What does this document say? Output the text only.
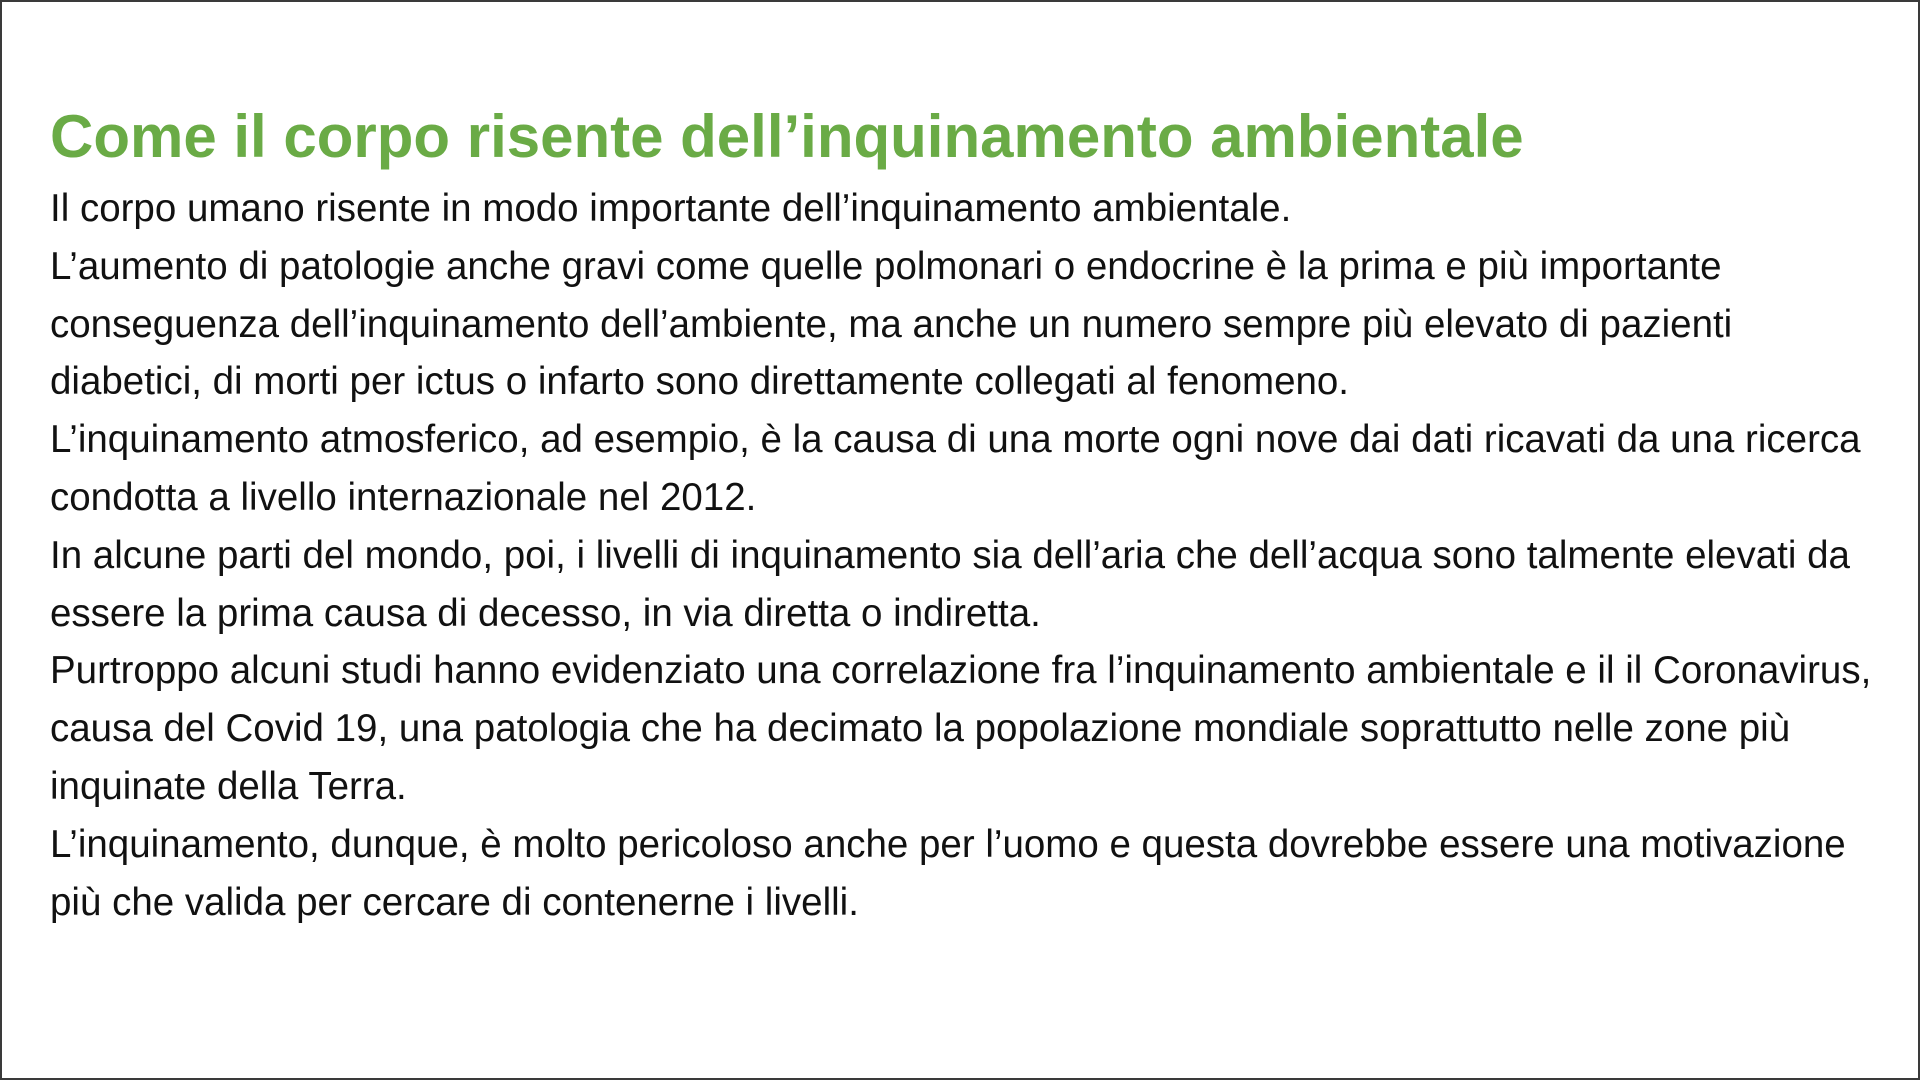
Come il corpo risente dell’inquinamento ambientale

Il corpo umano risente in modo importante dell’inquinamento ambientale.

L’aumento di patologie anche gravi come quelle polmonari o endocrine è la prima e più importante conseguenza dell’inquinamento dell’ambiente, ma anche un numero sempre più elevato di pazienti diabetici, di morti per ictus o infarto sono direttamente collegati al fenomeno.

L’inquinamento atmosferico, ad esempio, è la causa di una morte ogni nove dai dati ricavati da una ricerca condotta a livello internazionale nel 2012.

In alcune parti del mondo, poi, i livelli di inquinamento sia dell’aria che dell’acqua sono talmente elevati da essere la prima causa di decesso, in via diretta o indiretta.

Purtroppo alcuni studi hanno evidenziato una correlazione fra l’inquinamento ambientale e il il Coronavirus, causa del Covid 19, una patologia che ha decimato la popolazione mondiale soprattutto nelle zone più inquinate della Terra.

L’inquinamento, dunque, è molto pericoloso anche per l’uomo e questa dovrebbe essere una motivazione più che valida per cercare di contenerne i livelli.
